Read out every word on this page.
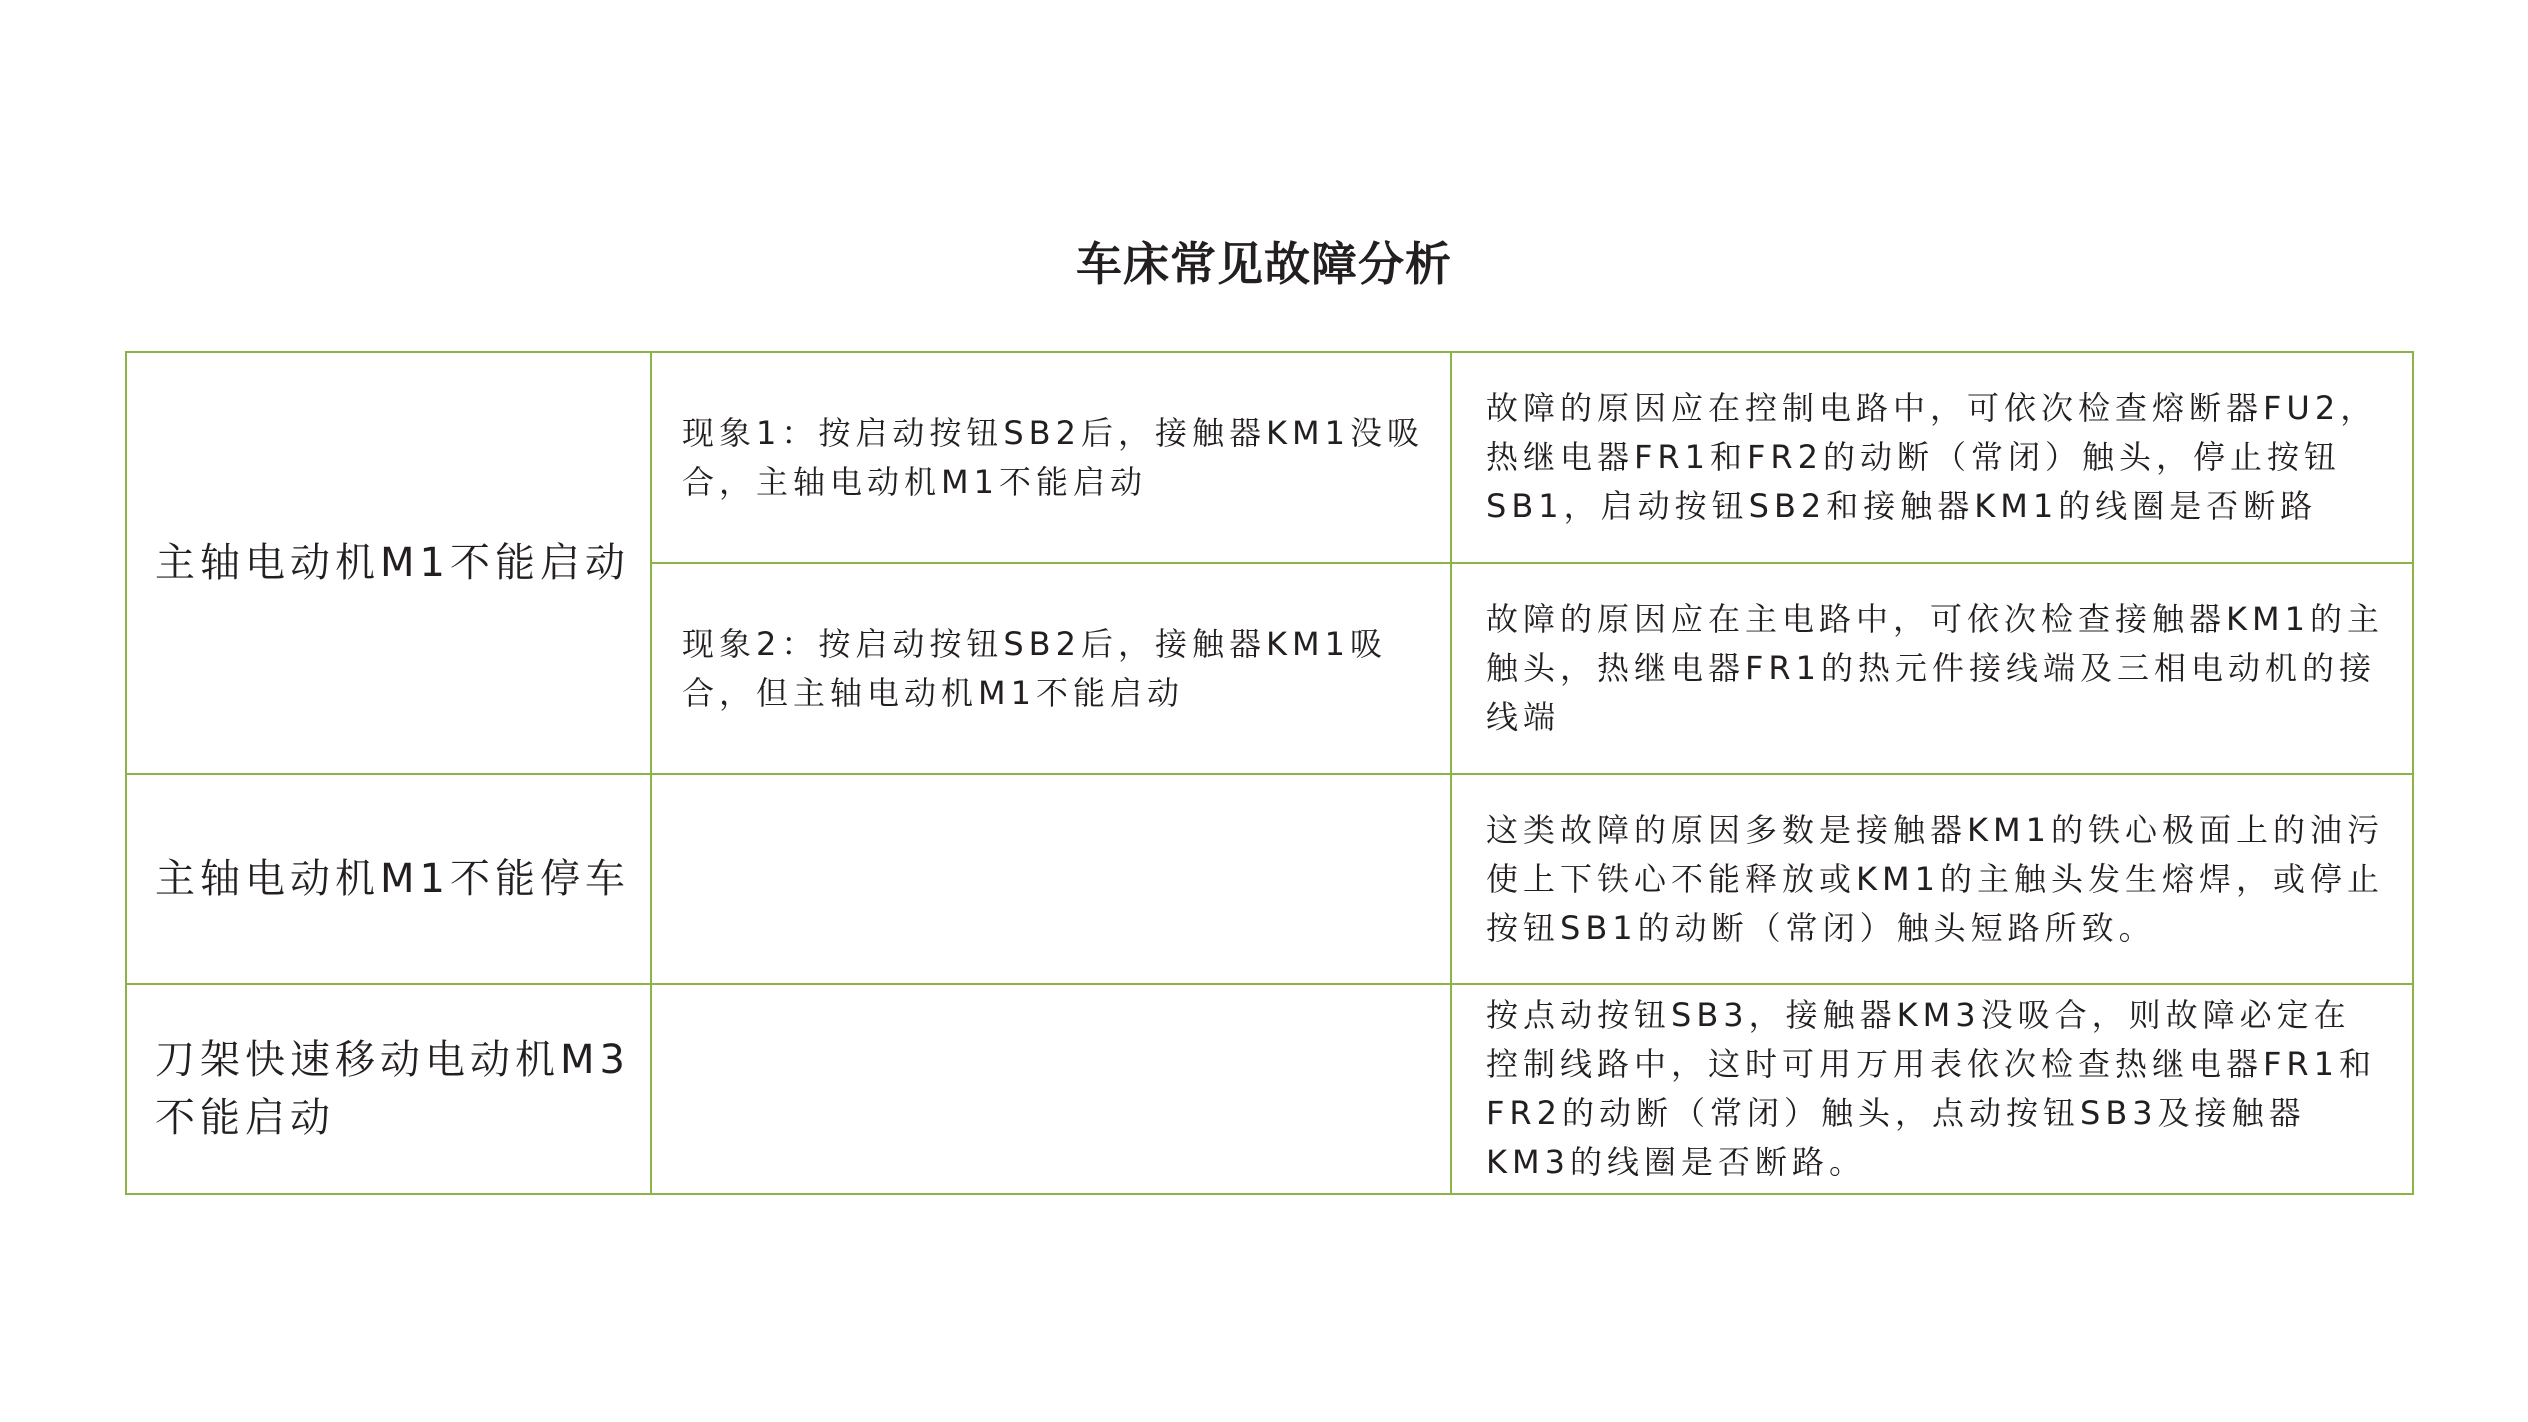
车床常见故障分析
主轴电动机M1不能启动	现象1：按启动按钮SB2后，接触器KM1没吸合，主轴电动机M1不能启动	故障的原因应在控制电路中，可依次检查熔断器FU2，热继电器FR1和FR2的动断（常闭）触头，停止按钮SB1，启动按钮SB2和接触器KM1的线圈是否断路

	现象2：按启动按钮SB2后，接触器KM1吸合，但主轴电动机M1不能启动	故障的原因应在主电路中，可依次检查接触器KM1的主触头，热继电器FR1的热元件接线端及三相电动机的接线端

主轴电动机M1不能停车		这类故障的原因多数是接触器KM1的铁心极面上的油污使上下铁心不能释放或KM1的主触头发生熔焊，或停止按钮SB1的动断（常闭）触头短路所致。

刀架快速移动电动机M3不能启动		按点动按钮SB3，接触器KM3没吸合，则故障必定在控制线路中，这时可用万用表依次检查热继电器FR1和FR2的动断（常闭）触头，点动按钮SB3及接触器KM3的线圈是否断路。
